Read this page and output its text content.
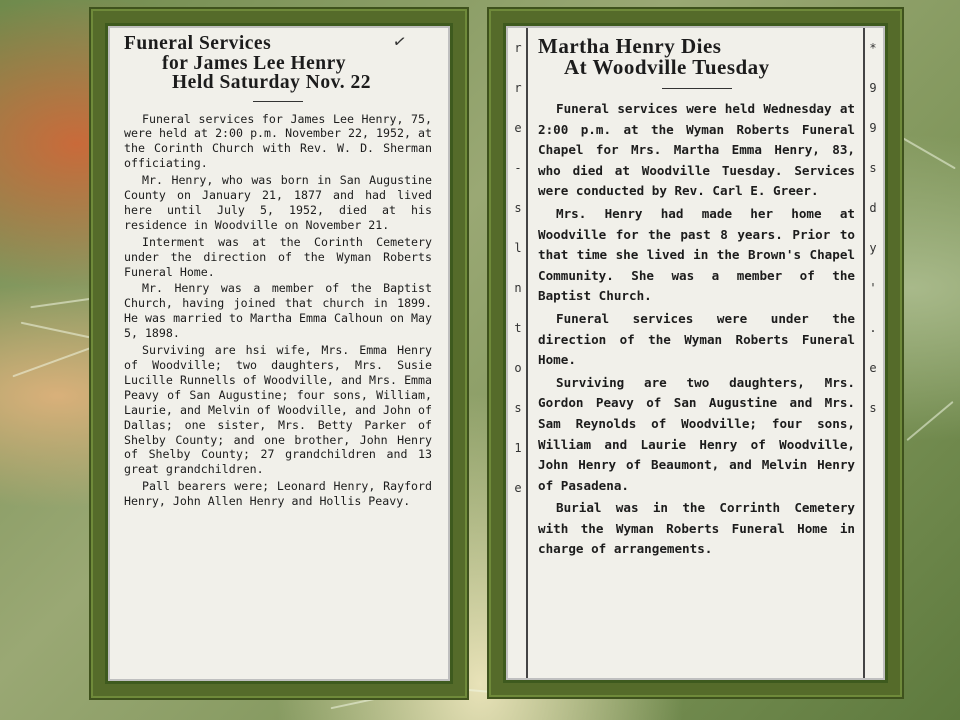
Funeral Services
for James Lee Henry
Held Saturday Nov. 22

Funeral services for James Lee Henry, 75, were held at 2:00 p.m. November 22, 1952, at the Corinth Church with Rev. W. D. Sherman officiating.

Mr. Henry, who was born in San Augustine County on January 21, 1877 and had lived here until July 5, 1952, died at his residence in Woodville on November 21.

Interment was at the Corinth Cemetery under the direction of the Wyman Roberts Funeral Home.

Mr. Henry was a member of the Baptist Church, having joined that church in 1899. He was married to Martha Emma Calhoun on May 5, 1898.

Surviving are hsi wife, Mrs. Emma Henry of Woodville; two daughters, Mrs. Susie Lucille Runnells of Woodville, and Mrs. Emma Peavy of San Augustine; four sons, William, Laurie, and Melvin of Woodville, and John of Dallas; one sister, Mrs. Betty Parker of Shelby County; and one brother, John Henry of Shelby County; 27 grandchildren and 13 great grandchildren.

Pall bearers were; Leonard Henry, Rayford Henry, John Allen Henry and Hollis Peavy.

✓	r
r
e
-
s
l
n
t
o
s
1
e
*
9
9
s
d
y
'
.
e
s
Martha Henry Dies
At Woodville Tuesday

Funeral services were held Wednesday at 2:00 p.m. at the Wyman Roberts Funeral Chapel for Mrs. Martha Emma Henry, 83, who died at Woodville Tuesday. Services were conducted by Rev. Carl E. Greer.

Mrs. Henry had made her home at Woodville for the past 8 years. Prior to that time she lived in the Brown's Chapel Community. She was a member of the Baptist Church.

Funeral services were under the direction of the Wyman Roberts Funeral Home.

Surviving are two daughters, Mrs. Gordon Peavy of San Augustine and Mrs. Sam Reynolds of Woodville; four sons, William and Laurie Henry of Woodville, John Henry of Beaumont, and Melvin Henry of Pasadena.

Burial was in the Corrinth Cemetery with the Wyman Roberts Funeral Home in charge of arrangements.
